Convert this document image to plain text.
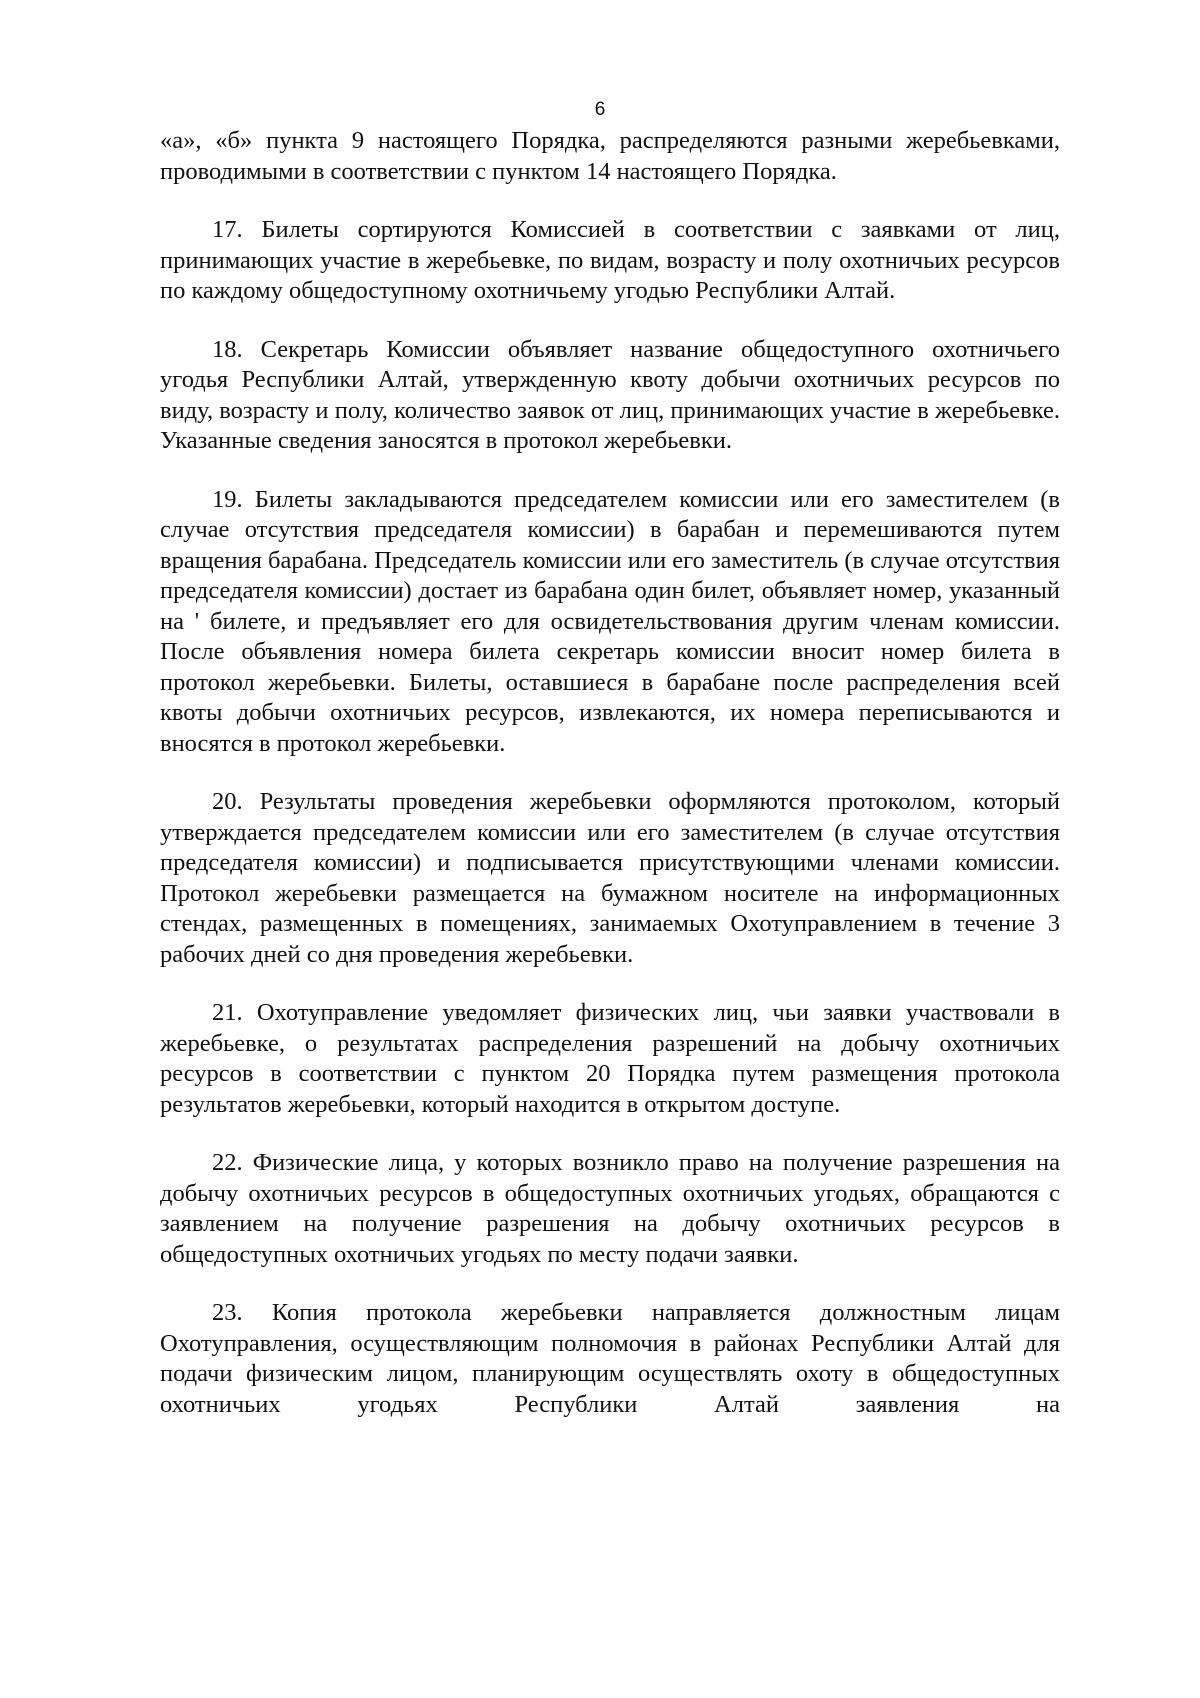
6

«а», «б» пункта 9 настоящего Порядка, распределяются разными жеребьевками, проводимыми в соответствии с пунктом 14 настоящего Порядка.

17. Билеты сортируются Комиссией в соответствии с заявками от лиц, принимающих участие в жеребьевке, по видам, возрасту и полу охотничьих ресурсов по каждому общедоступному охотничьему угодью Республики Алтай.

18. Секретарь Комиссии объявляет название общедоступного охотничьего угодья Республики Алтай, утвержденную квоту добычи охотничьих ресурсов по виду, возрасту и полу, количество заявок от лиц, принимающих участие в жеребьевке. Указанные сведения заносятся в протокол жеребьевки.

19. Билеты закладываются председателем комиссии или его заместителем (в случае отсутствия председателя комиссии) в барабан и перемешиваются путем вращения барабана. Председатель комиссии или его заместитель (в случае отсутствия председателя комиссии) достает из барабана один билет, объявляет номер, указанный на ' билете, и предъявляет его для освидетельствования другим членам комиссии. После объявления номера билета секретарь комиссии вносит номер билета в протокол жеребьевки. Билеты, оставшиеся в барабане после распределения всей квоты добычи охотничьих ресурсов, извлекаются, их номера переписываются и вносятся в протокол жеребьевки.

20. Результаты проведения жеребьевки оформляются протоколом, который утверждается председателем комиссии или его заместителем (в случае отсутствия председателя комиссии) и подписывается присутствующими членами комиссии. Протокол жеребьевки размещается на бумажном носителе на информационных стендах, размещенных в помещениях, занимаемых Охотуправлением в течение 3 рабочих дней со дня проведения жеребьевки.

21. Охотуправление уведомляет физических лиц, чьи заявки участвовали в жеребьевке, о результатах распределения разрешений на добычу охотничьих ресурсов в соответствии с пунктом 20 Порядка путем размещения протокола результатов жеребьевки, который находится в открытом доступе.

22. Физические лица, у которых возникло право на получение разрешения на добычу охотничьих ресурсов в общедоступных охотничьих угодьях, обращаются с заявлением на получение разрешения на добычу охотничьих ресурсов в общедоступных охотничьих угодьях по месту подачи заявки.

23. Копия протокола жеребьевки направляется должностным лицам Охотуправления, осуществляющим полномочия в районах Республики Алтай для подачи физическим лицом, планирующим осуществлять охоту в общедоступных охотничьих угодьях Республики Алтай заявления на
